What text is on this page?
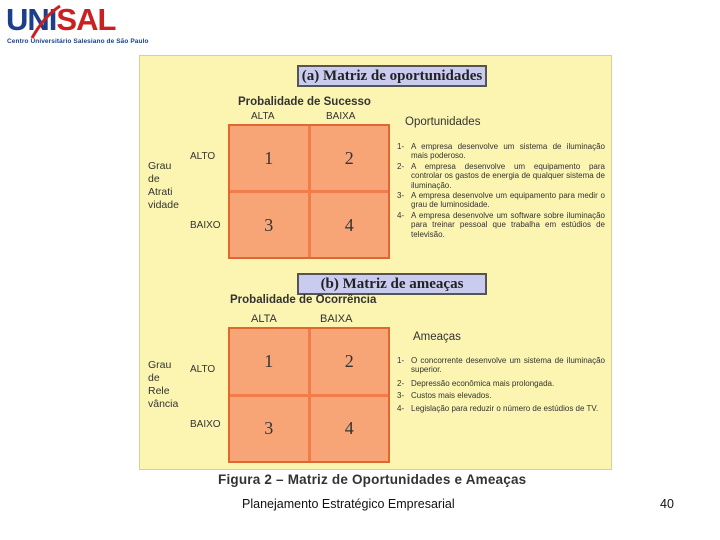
UNISAL
Centro Universitário Salesiano de São Paulo
(a) Matriz de oportunidades
Probalidade de Sucesso
ALTA	BAIXA
Grau
de
Atrati
vidade
ALTO
BAIXO
1	2
3	4
Oportunidades
1- A empresa desenvolve um sistema de iluminação mais poderoso.
2- A empresa desenvolve um equipamento para controlar os gastos de energia de qualquer sistema de iluminação.
3- A empresa desenvolve um equipamento para medir o grau de luminosidade.
4- A empresa desenvolve um software sobre iluminação para treinar pessoal que trabalha em estúdios de televisão.
(b) Matriz de ameaças
Probalidade de Ocorrência
ALTA	BAIXA
Grau
de
Rele
vância
ALTO
BAIXO
1	2
3	4
Ameaças
1- O concorrente desenvolve um sistema de iluminação superior.
2- Depressão econômica mais prolongada.
3- Custos mais elevados.
4- Legislação para reduzir o número de estúdios de TV.
Figura 2 – Matriz de Oportunidades e Ameaças
Planejamento Estratégico Empresarial	40
